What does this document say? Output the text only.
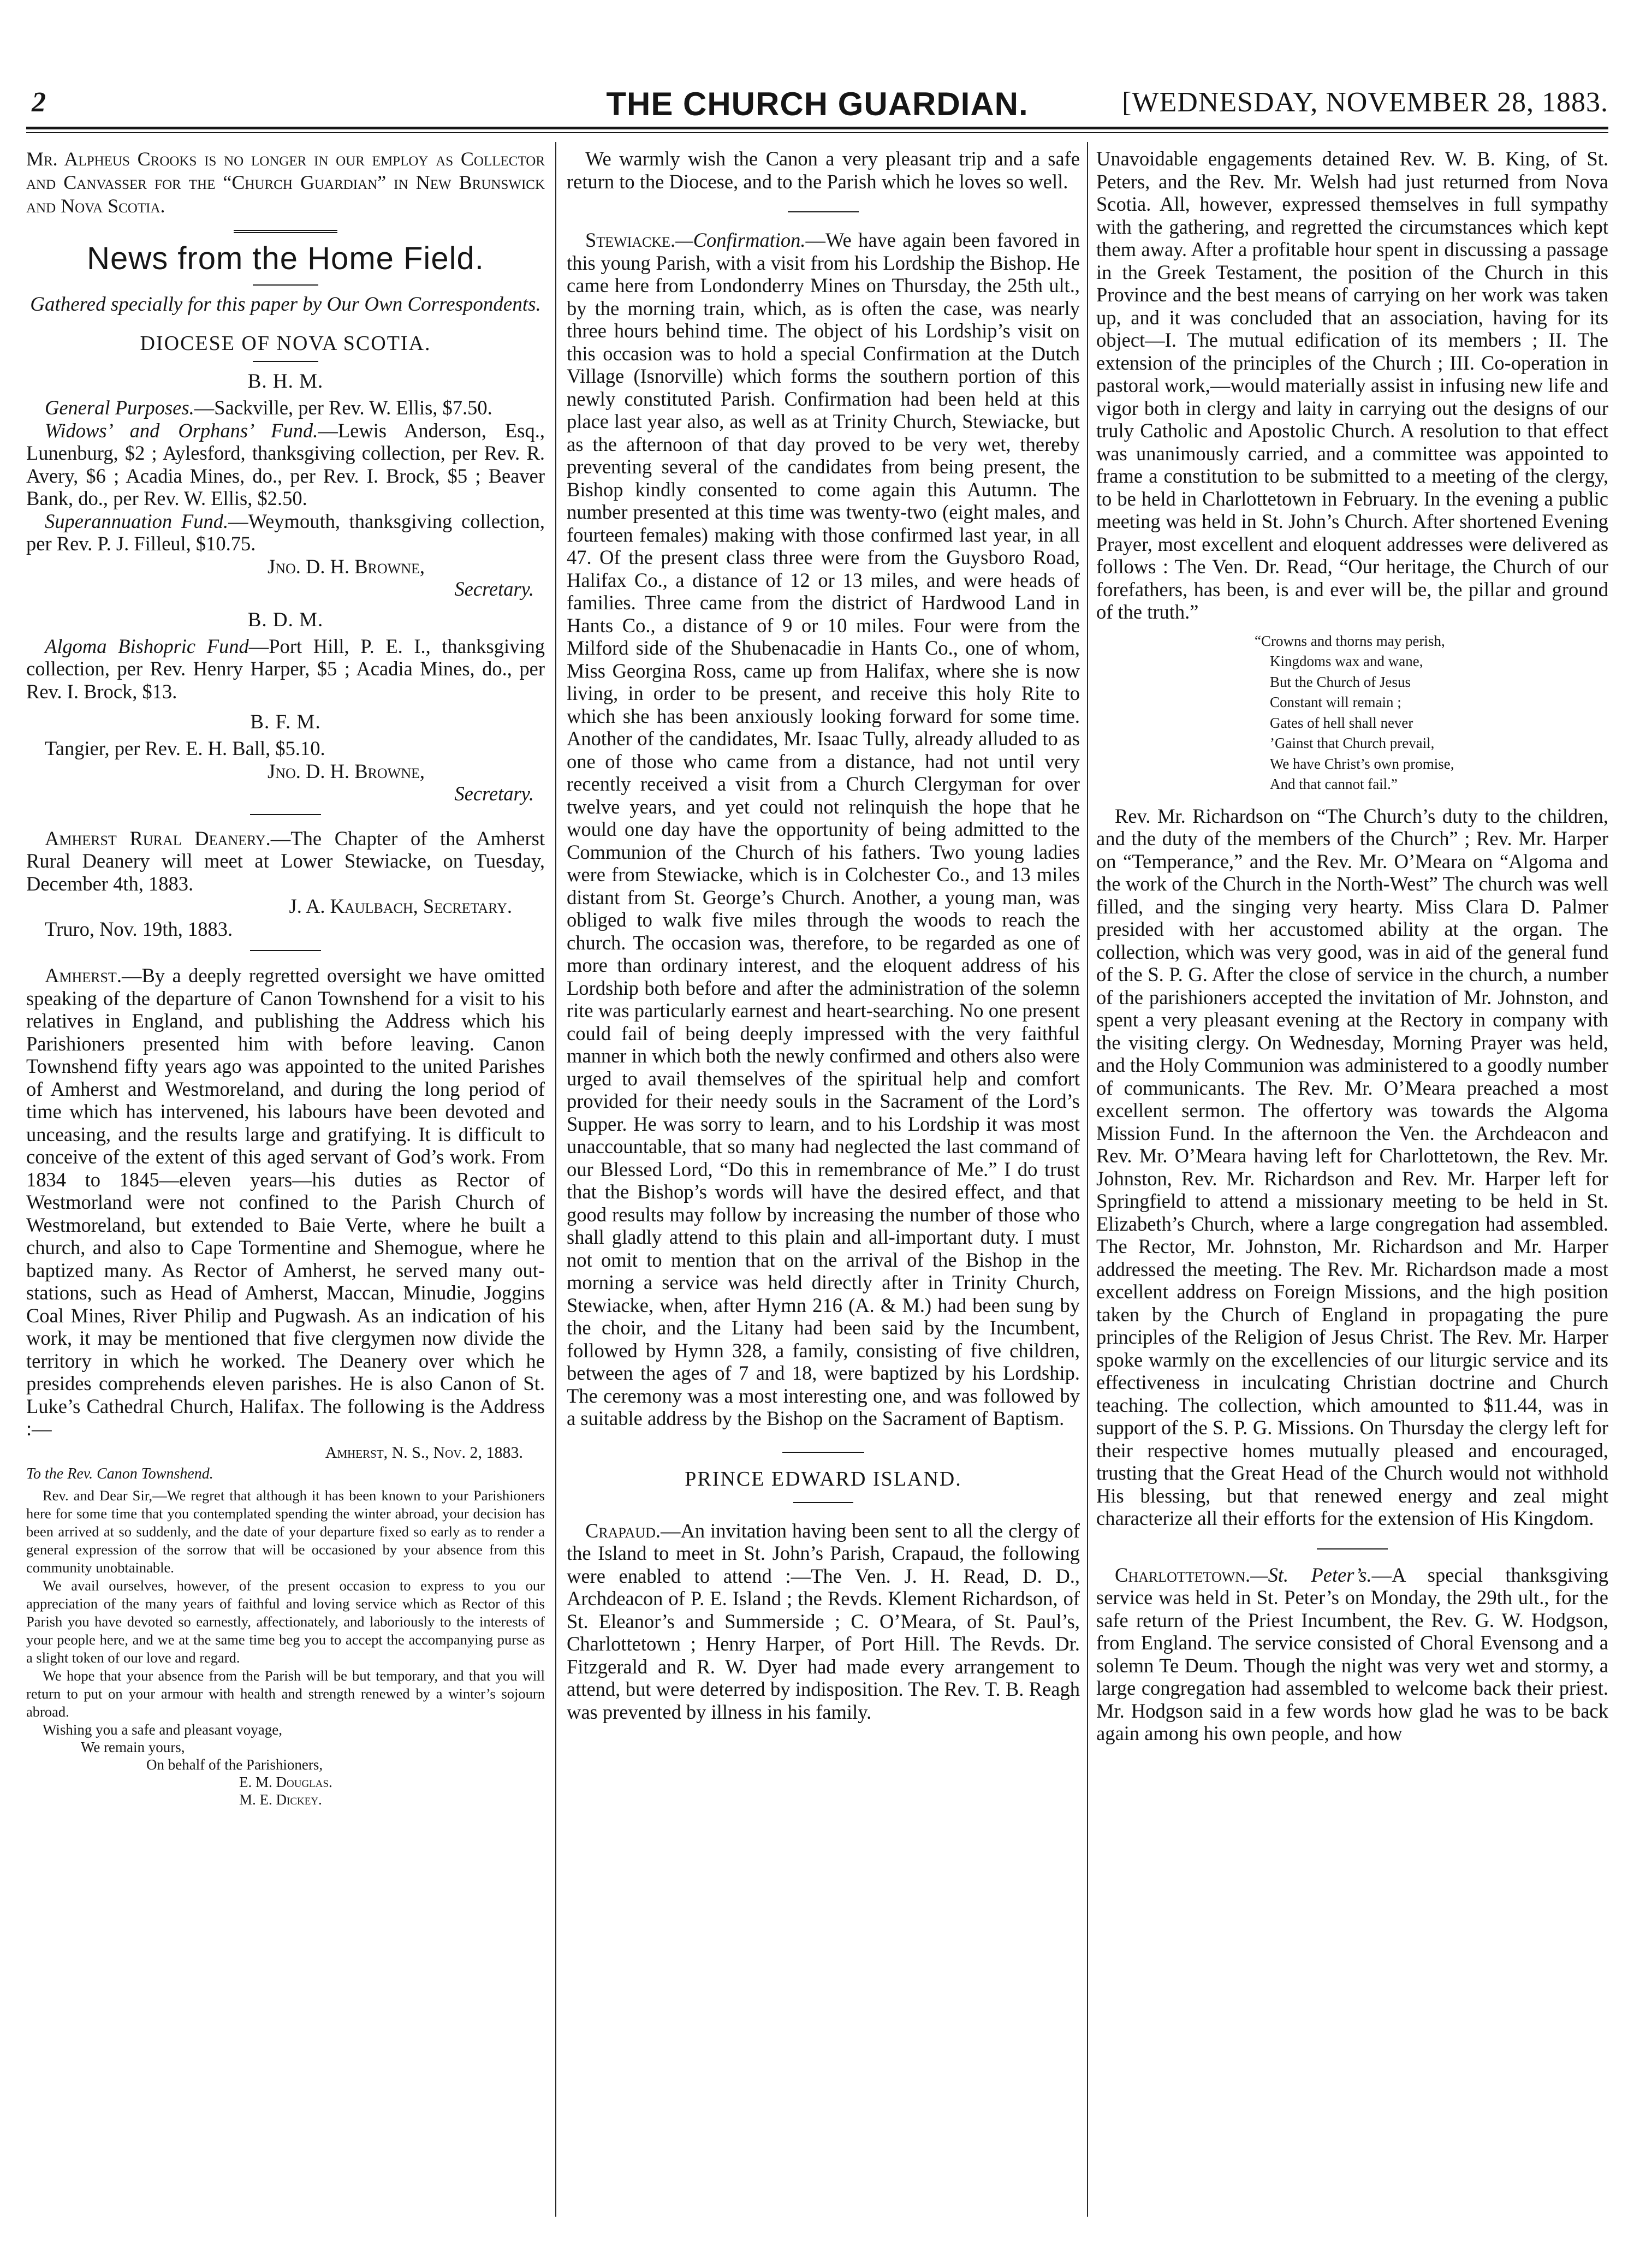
2	THE CHURCH GUARDIAN.	[WEDNESDAY, NOVEMBER 28, 1883.

Mr. Alpheus Crooks is no longer in our employ as Collector and Canvasser for the “Church Guardian” in New Brunswick and Nova Scotia.

News from the Home Field.
Gathered specially for this paper by Our Own Correspondents.
DIOCESE OF NOVA SCOTIA.
B. H. M.

General Purposes.—Sackville, per Rev. W. Ellis, $7.50.

Widows’ and Orphans’ Fund.—Lewis Anderson, Esq., Lunenburg, $2 ; Aylesford, thanksgiving collection, per Rev. R. Avery, $6 ; Acadia Mines, do., per Rev. I. Brock, $5 ; Beaver Bank, do., per Rev. W. Ellis, $2.50.

Superannuation Fund.—Weymouth, thanksgiving collection, per Rev. P. J. Filleul, $10.75.

Jno. D. H. Browne,

Secretary.

B. D. M.

Algoma Bishopric Fund—Port Hill, P. E. I., thanksgiving collection, per Rev. Henry Harper, $5 ; Acadia Mines, do., per Rev. I. Brock, $13.

B. F. M.

Tangier, per Rev. E. H. Ball, $5.10.

Jno. D. H. Browne,

Secretary.

Amherst Rural Deanery.—The Chapter of the Amherst Rural Deanery will meet at Lower Stewiacke, on Tuesday, December 4th, 1883.

J. A. Kaulbach, Secretary.

Truro, Nov. 19th, 1883.

Amherst.—By a deeply regretted oversight we have omitted speaking of the departure of Canon Townshend for a visit to his relatives in England, and publishing the Address which his Parishioners presented him with before leaving. Canon Townshend fifty years ago was appointed to the united Parishes of Amherst and Westmoreland, and during the long period of time which has intervened, his labours have been devoted and unceasing, and the results large and gratifying. It is difficult to conceive of the extent of this aged servant of God’s work. From 1834 to 1845—eleven years—his duties as Rector of Westmorland were not confined to the Parish Church of Westmoreland, but extended to Baie Verte, where he built a church, and also to Cape Tormentine and Shemogue, where he baptized many. As Rector of Amherst, he served many out-stations, such as Head of Amherst, Maccan, Minudie, Joggins Coal Mines, River Philip and Pugwash. As an indication of his work, it may be mentioned that five clergymen now divide the territory in which he worked. The Deanery over which he presides comprehends eleven parishes. He is also Canon of St. Luke’s Cathedral Church, Halifax. The following is the Address :—

Amherst, N. S., Nov. 2, 1883.

To the Rev. Canon Townshend.

Rev. and Dear Sir,—We regret that although it has been known to your Parishioners here for some time that you contemplated spending the winter abroad, your decision has been arrived at so suddenly, and the date of your departure fixed so early as to render a general expression of the sorrow that will be occasioned by your absence from this community unobtainable.

We avail ourselves, however, of the present occasion to express to you our appreciation of the many years of faithful and loving service which as Rector of this Parish you have devoted so earnestly, affectionately, and laboriously to the interests of your people here, and we at the same time beg you to accept the accompanying purse as a slight token of our love and regard.

We hope that your absence from the Parish will be but temporary, and that you will return to put on your armour with health and strength renewed by a winter’s sojourn abroad.

Wishing you a safe and pleasant voyage,
We remain yours,
On behalf of the Parishioners,
E. M. Douglas.
M. E. Dickey.

We warmly wish the Canon a very pleasant trip and a safe return to the Diocese, and to the Parish which he loves so well.

Stewiacke.—Confirmation.—We have again been favored in this young Parish, with a visit from his Lordship the Bishop. He came here from Londonderry Mines on Thursday, the 25th ult., by the morning train, which, as is often the case, was nearly three hours behind time. The object of his Lordship’s visit on this occasion was to hold a special Confirmation at the Dutch Village (Isnorville) which forms the southern portion of this newly constituted Parish. Confirmation had been held at this place last year also, as well as at Trinity Church, Stewiacke, but as the afternoon of that day proved to be very wet, thereby preventing several of the candidates from being present, the Bishop kindly consented to come again this Autumn. The number presented at this time was twenty-two (eight males, and fourteen females) making with those confirmed last year, in all 47. Of the present class three were from the Guysboro Road, Halifax Co., a distance of 12 or 13 miles, and were heads of families. Three came from the district of Hardwood Land in Hants Co., a distance of 9 or 10 miles. Four were from the Milford side of the Shubenacadie in Hants Co., one of whom, Miss Georgina Ross, came up from Halifax, where she is now living, in order to be present, and receive this holy Rite to which she has been anxiously looking forward for some time. Another of the candidates, Mr. Isaac Tully, already alluded to as one of those who came from a distance, had not until very recently received a visit from a Church Clergyman for over twelve years, and yet could not relinquish the hope that he would one day have the opportunity of being admitted to the Communion of the Church of his fathers. Two young ladies were from Stewiacke, which is in Colchester Co., and 13 miles distant from St. George’s Church. Another, a young man, was obliged to walk five miles through the woods to reach the church. The occasion was, therefore, to be regarded as one of more than ordinary interest, and the eloquent address of his Lordship both before and after the administration of the solemn rite was particularly earnest and heart-searching. No one present could fail of being deeply impressed with the very faithful manner in which both the newly confirmed and others also were urged to avail themselves of the spiritual help and comfort provided for their needy souls in the Sacrament of the Lord’s Supper. He was sorry to learn, and to his Lordship it was most unaccountable, that so many had neglected the last command of our Blessed Lord, “Do this in remembrance of Me.” I do trust that the Bishop’s words will have the desired effect, and that good results may follow by increasing the number of those who shall gladly attend to this plain and all-important duty. I must not omit to mention that on the arrival of the Bishop in the morning a service was held directly after in Trinity Church, Stewiacke, when, after Hymn 216 (A. & M.) had been sung by the choir, and the Litany had been said by the Incumbent, followed by Hymn 328, a family, consisting of five children, between the ages of 7 and 18, were baptized by his Lordship. The ceremony was a most interesting one, and was followed by a suitable address by the Bishop on the Sacrament of Baptism.

PRINCE EDWARD ISLAND.

Crapaud.—An invitation having been sent to all the clergy of the Island to meet in St. John’s Parish, Crapaud, the following were enabled to attend :—The Ven. J. H. Read, D. D., Archdeacon of P. E. Island ; the Revds. Klement Richardson, of St. Eleanor’s and Summerside ; C. O’Meara, of St. Paul’s, Charlottetown ; Henry Harper, of Port Hill. The Revds. Dr. Fitzgerald and R. W. Dyer had made every arrangement to attend, but were deterred by indisposition. The Rev. T. B. Reagh was prevented by illness in his family.

Unavoidable engagements detained Rev. W. B. King, of St. Peters, and the Rev. Mr. Welsh had just returned from Nova Scotia. All, however, expressed themselves in full sympathy with the gathering, and regretted the circumstances which kept them away. After a profitable hour spent in discussing a passage in the Greek Testament, the position of the Church in this Province and the best means of carrying on her work was taken up, and it was concluded that an association, having for its object—I. The mutual edification of its members ; II. The extension of the principles of the Church ; III. Co-operation in pastoral work,—would materially assist in infusing new life and vigor both in clergy and laity in carrying out the designs of our truly Catholic and Apostolic Church. A resolution to that effect was unanimously carried, and a committee was appointed to frame a constitution to be submitted to a meeting of the clergy, to be held in Charlottetown in February. In the evening a public meeting was held in St. John’s Church. After shortened Evening Prayer, most excellent and eloquent addresses were delivered as follows : The Ven. Dr. Read, “Our heritage, the Church of our forefathers, has been, is and ever will be, the pillar and ground of the truth.”

“Crowns and thorns may perish,
Kingdoms wax and wane,
But the Church of Jesus
Constant will remain ;
Gates of hell shall never
’Gainst that Church prevail,
We have Christ’s own promise,
And that cannot fail.”

Rev. Mr. Richardson on “The Church’s duty to the children, and the duty of the members of the Church” ; Rev. Mr. Harper on “Temperance,” and the Rev. Mr. O’Meara on “Algoma and the work of the Church in the North-West” The church was well filled, and the singing very hearty. Miss Clara D. Palmer presided with her accustomed ability at the organ. The collection, which was very good, was in aid of the general fund of the S. P. G. After the close of service in the church, a number of the parishioners accepted the invitation of Mr. Johnston, and spent a very pleasant evening at the Rectory in company with the visiting clergy. On Wednesday, Morning Prayer was held, and the Holy Communion was administered to a goodly number of communicants. The Rev. Mr. O’Meara preached a most excellent sermon. The offertory was towards the Algoma Mission Fund. In the afternoon the Ven. the Archdeacon and Rev. Mr. O’Meara having left for Charlottetown, the Rev. Mr. Johnston, Rev. Mr. Richardson and Rev. Mr. Harper left for Springfield to attend a missionary meeting to be held in St. Elizabeth’s Church, where a large congregation had assembled. The Rector, Mr. Johnston, Mr. Richardson and Mr. Harper addressed the meeting. The Rev. Mr. Richardson made a most excellent address on Foreign Missions, and the high position taken by the Church of England in propagating the pure principles of the Religion of Jesus Christ. The Rev. Mr. Harper spoke warmly on the excellencies of our liturgic service and its effectiveness in inculcating Christian doctrine and Church teaching. The collection, which amounted to $11.44, was in support of the S. P. G. Missions. On Thursday the clergy left for their respective homes mutually pleased and encouraged, trusting that the Great Head of the Church would not withhold His blessing, but that renewed energy and zeal might characterize all their efforts for the extension of His Kingdom.

Charlottetown.—St. Peter’s.—A special thanksgiving service was held in St. Peter’s on Monday, the 29th ult., for the safe return of the Priest Incumbent, the Rev. G. W. Hodgson, from England. The service consisted of Choral Evensong and a solemn Te Deum. Though the night was very wet and stormy, a large congregation had assembled to welcome back their priest. Mr. Hodgson said in a few words how glad he was to be back again among his own people, and how
